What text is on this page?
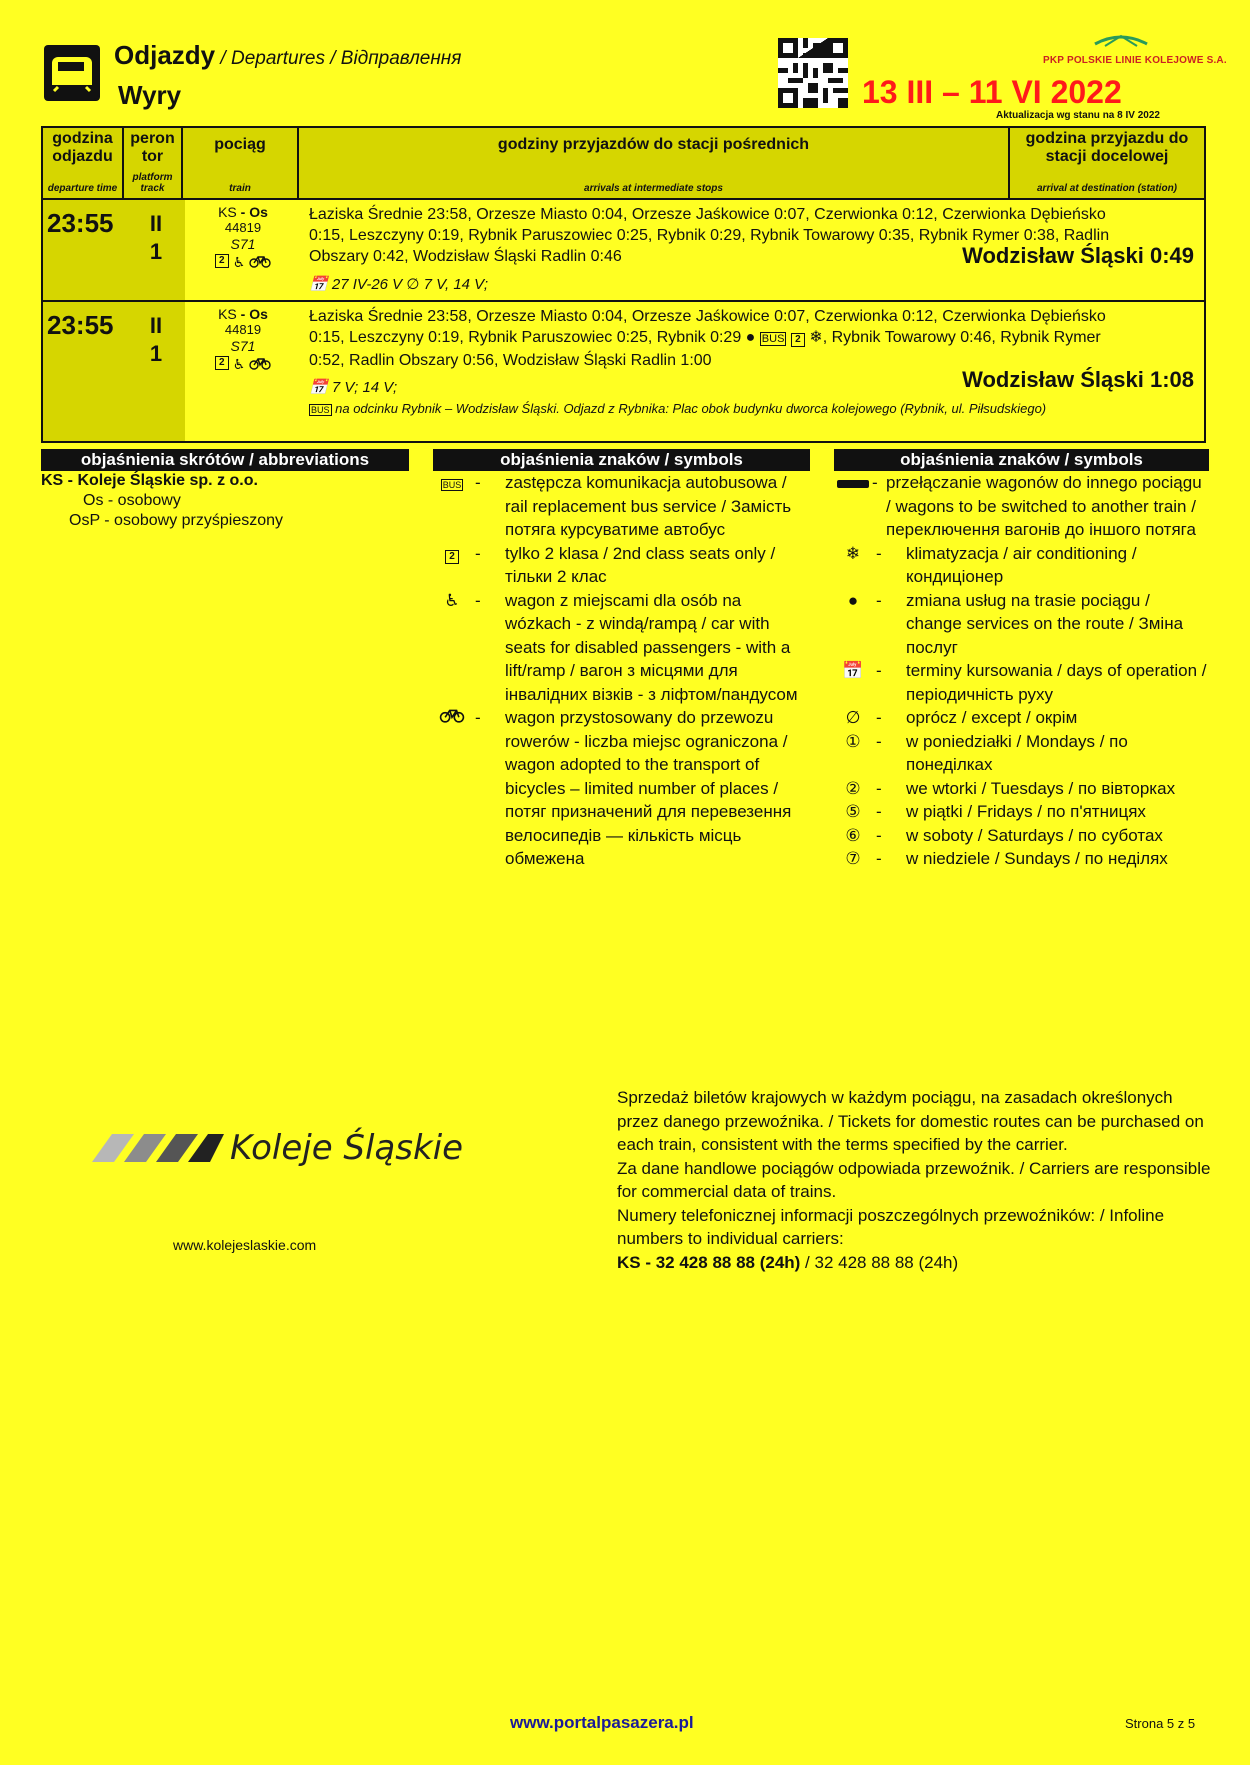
Odjazdy / Departures / Відправлення
Wyry
PKP POLSKIE LINIE KOLEJOWE S.A.
13 III – 11 VI 2022
Aktualizacja wg stanu na 8 IV 2022
godzina odjazdu
departure time
peron tor
platform track
pociąg
train
godziny przyjazdów do stacji pośrednich
arrivals at intermediate stops
godzina przyjazdu do stacji docelowej
arrival at destination (station)
23:55 II
1
KS - Os
44819
S71
2 ♿
Łaziska Średnie 23:58, Orzesze Miasto 0:04, Orzesze Jaśkowice 0:07, Czerwionka 0:12, Czerwionka Dębieńsko 0:15, Leszczyny 0:19, Rybnik Paruszowiec 0:25, Rybnik 0:29, Rybnik Towarowy 0:35, Rybnik Rymer 0:38, Radlin Obszary 0:42, Wodzisław Śląski Radlin 0:46	Wodzisław Śląski 0:49
📅 27 IV-26 V ∅ 7 V, 14 V;
23:55 II
1
KS - Os
44819
S71
2 ♿
Łaziska Średnie 23:58, Orzesze Miasto 0:04, Orzesze Jaśkowice 0:07, Czerwionka 0:12, Czerwionka Dębieńsko 0:15, Leszczyny 0:19, Rybnik Paruszowiec 0:25, Rybnik 0:29 ● BUS 2 ❄, Rybnik Towarowy 0:46, Rybnik Rymer 0:52, Radlin Obszary 0:56, Wodzisław Śląski Radlin 1:00
Wodzisław Śląski 1:08
📅 7 V; 14 V;
BUS na odcinku Rybnik – Wodzisław Śląski. Odjazd z Rybnika: Plac obok budynku dworca kolejowego (Rybnik, ul. Piłsudskiego)
objaśnienia skrótów / abbreviations
KS - Koleje Śląskie sp. z o.o.
Os - osobowy
OsP - osobowy przyśpieszony
objaśnienia znaków / symbols
BUS -	zastępcza komunikacja autobusowa / rail replacement bus service / Замість потяга курсуватиме автобус
2	-	tylko 2 klasa / 2nd class seats only / тільки 2 клас
♿ -	wagon z miejscami dla osób na wózkach - z windą/rampą / car with seats for disabled passengers - with a lift/ramp / вагон з місцями для інвалідних візків - з ліфтом/пандусом
-	wagon przystosowany do przewozu rowerów - liczba miejsc ograniczona / wagon adopted to the transport of bicycles – limited number of places / потяг призначений для перевезення велосипедів — кількість місць обмежена
objaśnienia znaków / symbols
- przełączanie wagonów do innego pociągu / wagons to be switched to another train / переключення вагонів до іншого потяга
❄ -	klimatyzacja / air conditioning / кондиціонер
●	-	zmiana usług na trasie pociągu / change services on the route / Зміна послуг
📅 -	terminy kursowania / days of operation / періодичність руху
∅ -	oprócz / except / окрім
① -	w poniedziałki / Mondays / по понеділках
② -	we wtorki / Tuesdays / по вівторках
⑤ -	w piątki / Fridays / по п'ятницях
⑥ -	w soboty / Saturdays / по суботах
⑦ -	w niedziele / Sundays / по неділях
Koleje Śląskie
www.kolejeslaskie.com
Sprzedaż biletów krajowych w każdym pociągu, na zasadach określonych przez danego przewoźnika. / Tickets for domestic routes can be purchased on each train, consistent with the terms specified by the carrier.
Za dane handlowe pociągów odpowiada przewoźnik. / Carriers are responsible for commercial data of trains.
Numery telefonicznej informacji poszczególnych przewoźników: / Infoline numbers to individual carriers:
KS - 32 428 88 88 (24h) / 32 428 88 88 (24h)
www.portalpasazera.pl	Strona 5 z 5
